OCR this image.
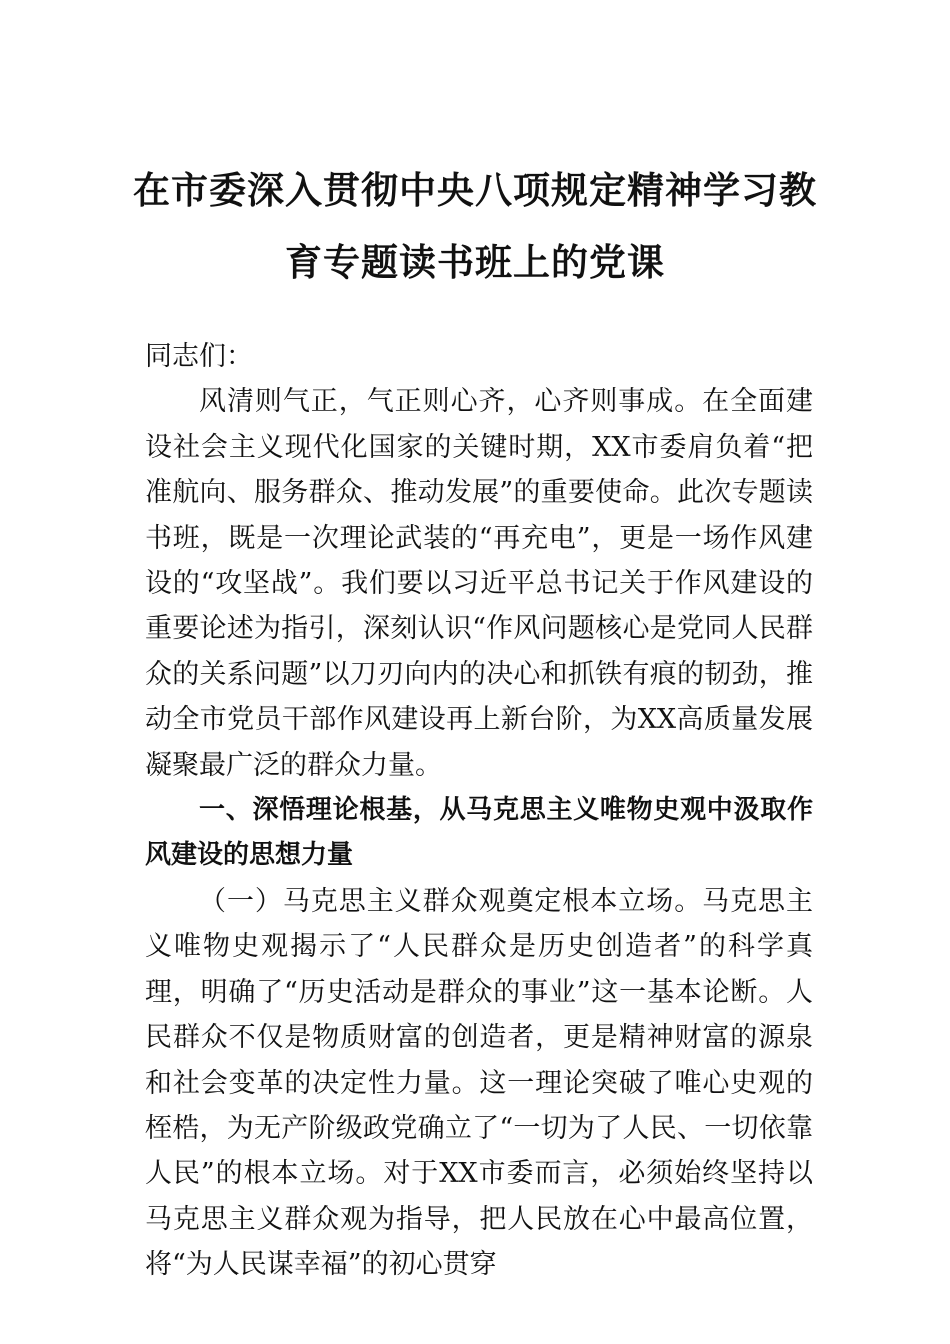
在市委深入贯彻中央八项规定精神学习教
育专题读书班上的党课

同志们：

风清则气正，气正则心齐，心齐则事成。在全面建设社会主义现代化国家的关键时期，XX市委肩负着“把准航向、服务群众、推动发展”的重要使命。此次专题读书班，既是一次理论武装的“再充电”，更是一场作风建设的“攻坚战”。我们要以习近平总书记关于作风建设的重要论述为指引，深刻认识“作风问题核心是党同人民群众的关系问题”以刀刃向内的决心和抓铁有痕的韧劲，推动全市党员干部作风建设再上新台阶，为XX高质量发展凝聚最广泛的群众力量。

一、深悟理论根基，从马克思主义唯物史观中汲取作风建设的思想力量

（一）马克思主义群众观奠定根本立场。马克思主义唯物史观揭示了“人民群众是历史创造者”的科学真理，明确了“历史活动是群众的事业”这一基本论断。人民群众不仅是物质财富的创造者，更是精神财富的源泉和社会变革的决定性力量。这一理论突破了唯心史观的桎梏，为无产阶级政党确立了“一切为了人民、一切依靠人民”的根本立场。对于XX市委而言，必须始终坚持以马克思主义群众观为指导，把人民放在心中最高位置，将“为人民谋幸福”的初心贯穿
